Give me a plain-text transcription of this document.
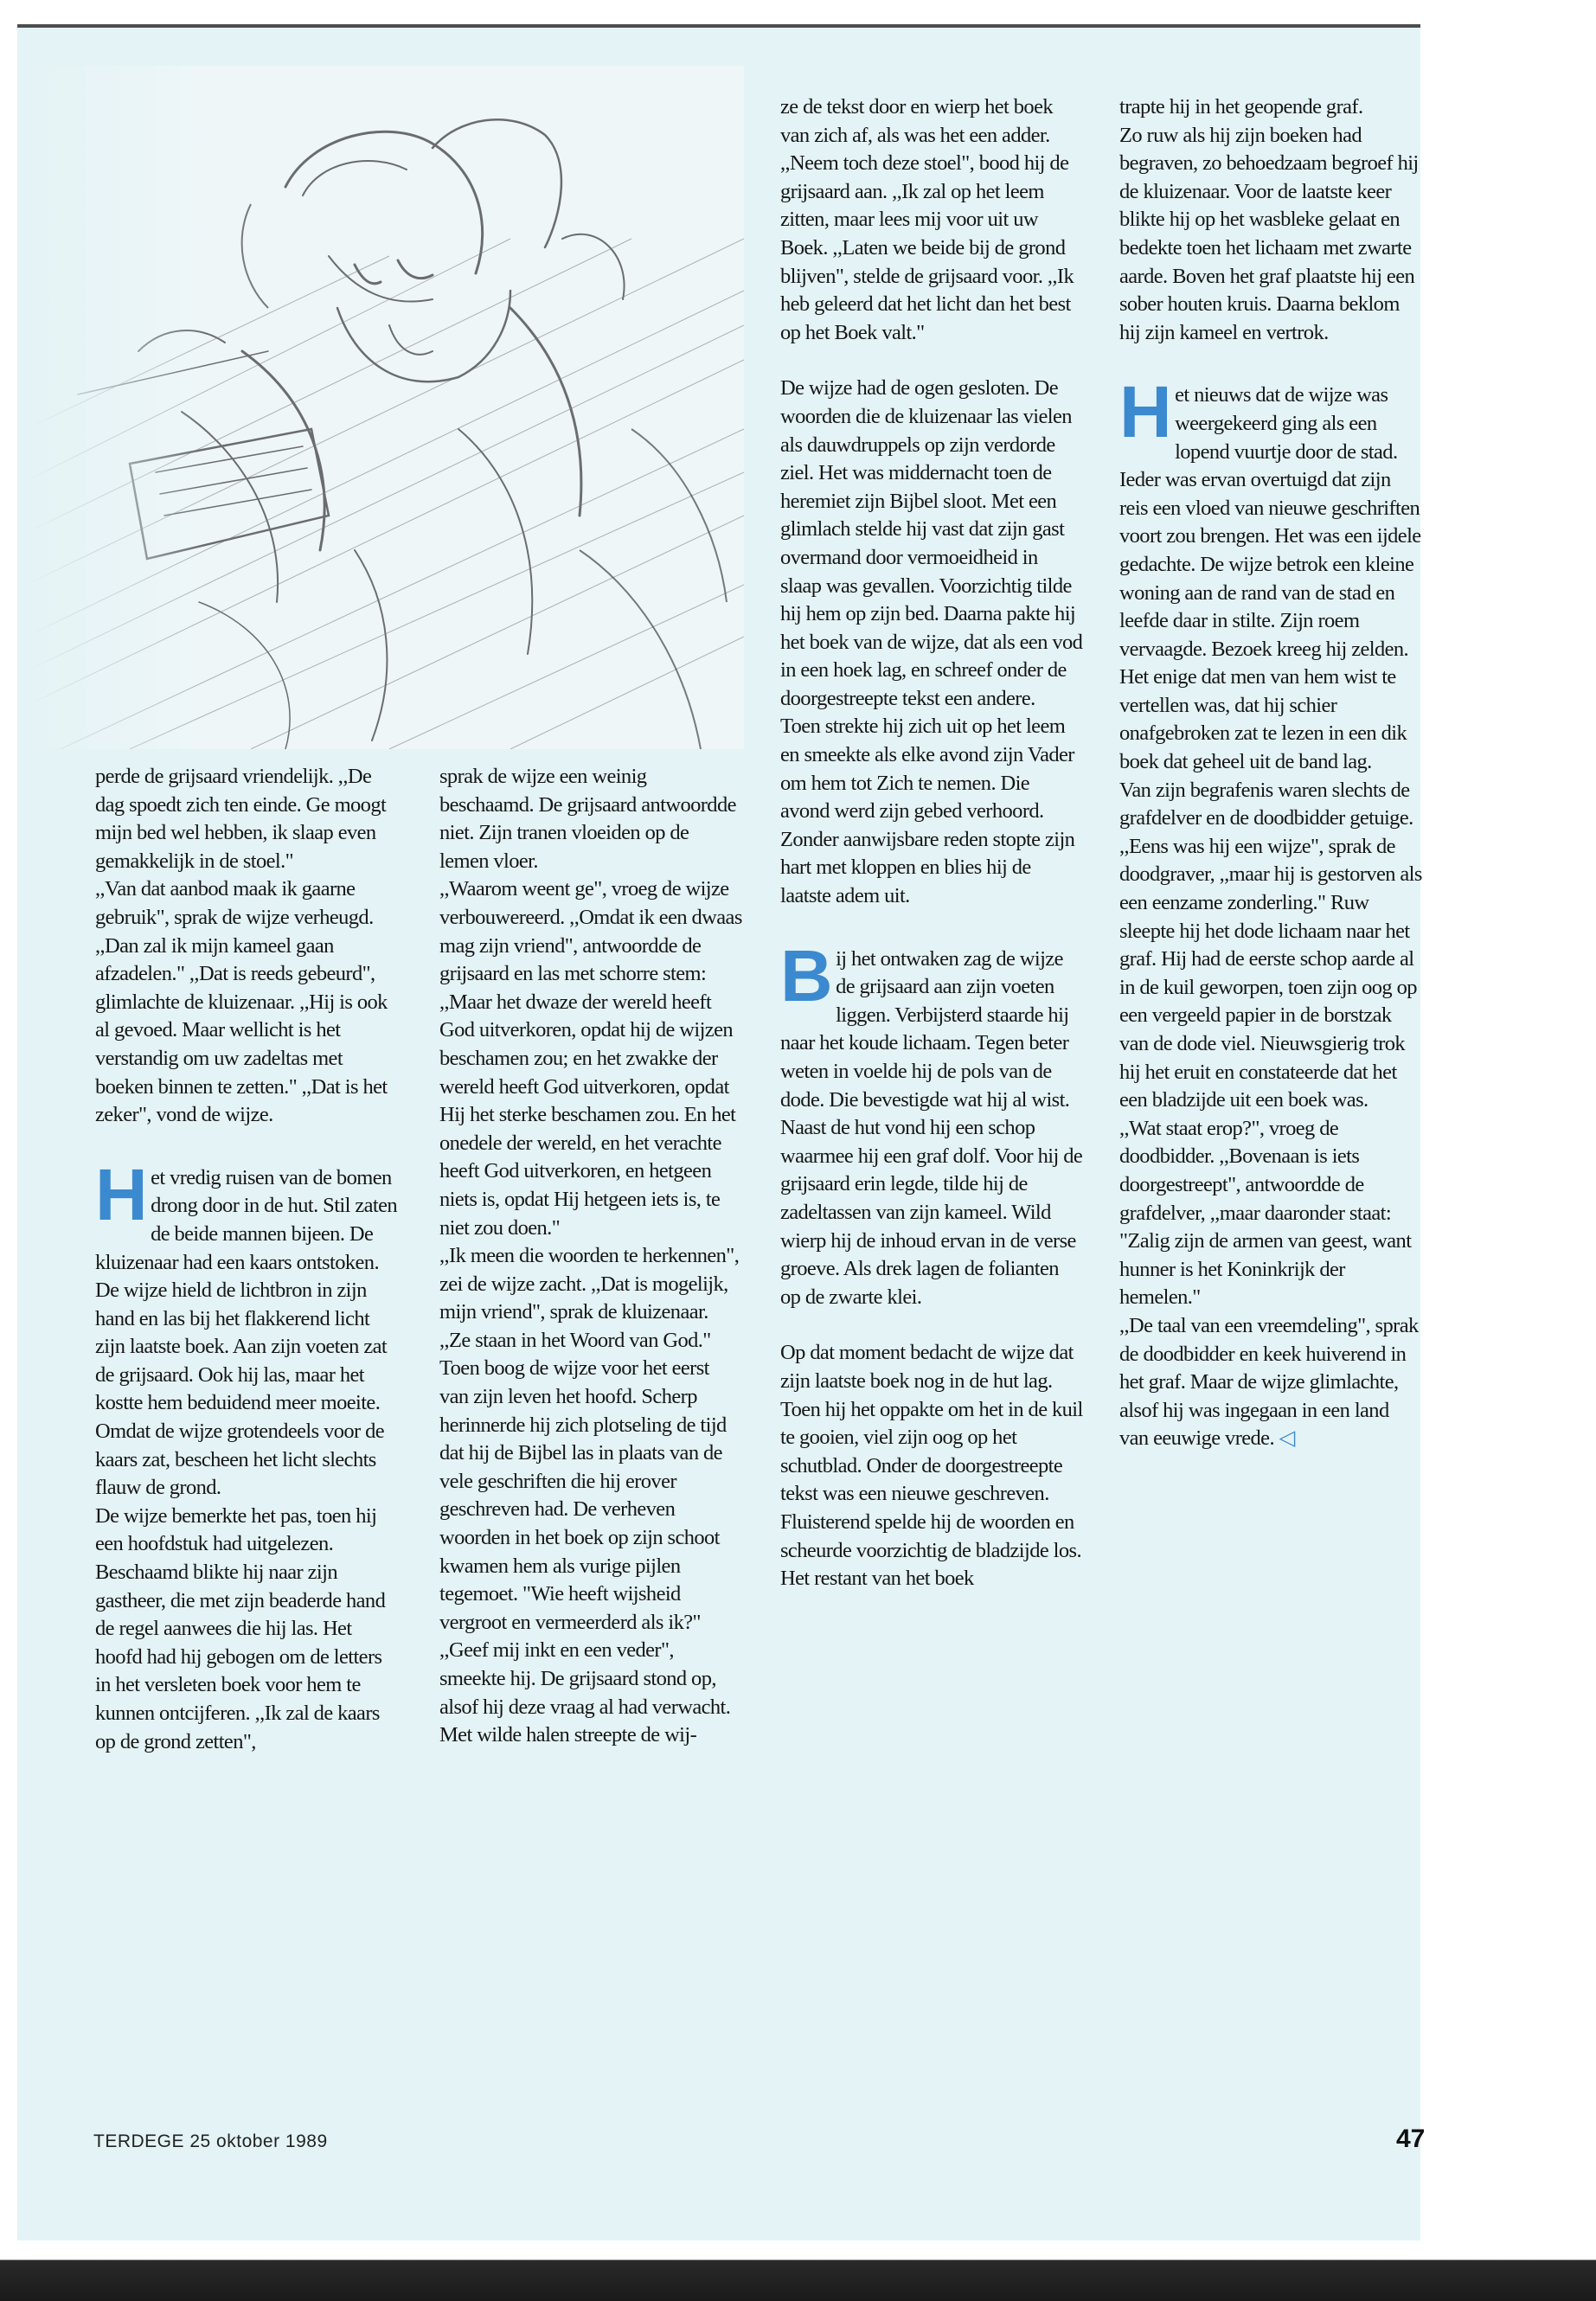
perde de grijsaard vriendelijk. ,,De dag spoedt zich ten einde. Ge moogt mijn bed wel hebben, ik slaap even gemakkelijk in de stoel."

,,Van dat aanbod maak ik gaarne gebruik", sprak de wijze verheugd. ,,Dan zal ik mijn kameel gaan afzadelen." ,,Dat is reeds gebeurd", glimlachte de kluizenaar. ,,Hij is ook al gevoed. Maar wellicht is het verstandig om uw zadeltas met boeken binnen te zetten." ,,Dat is het zeker", vond de wijze.

Het vredig ruisen van de bomen drong door in de hut. Stil zaten de beide mannen bijeen. De kluizenaar had een kaars ontstoken. De wijze hield de lichtbron in zijn hand en las bij het flakkerend licht zijn laatste boek. Aan zijn voeten zat de grijsaard. Ook hij las, maar het kostte hem beduidend meer moeite.

Omdat de wijze grotendeels voor de kaars zat, bescheen het licht slechts flauw de grond.

De wijze bemerkte het pas, toen hij een hoofdstuk had uitgelezen. Beschaamd blikte hij naar zijn gastheer, die met zijn beaderde hand de regel aanwees die hij las. Het hoofd had hij gebogen om de letters in het versleten boek voor hem te kunnen ontcijferen. ,,Ik zal de kaars op de grond zetten",

sprak de wijze een weinig beschaamd. De grijsaard antwoordde niet. Zijn tranen vloeiden op de lemen vloer.

,,Waarom weent ge", vroeg de wijze verbouwereerd. ,,Omdat ik een dwaas mag zijn vriend", antwoordde de grijsaard en las met schorre stem: ,,Maar het dwaze der wereld heeft God uitverkoren, opdat hij de wijzen beschamen zou; en het zwakke der wereld heeft God uitverkoren, opdat Hij het sterke beschamen zou. En het onedele der wereld, en het verachte heeft God uitverkoren, en hetgeen niets is, opdat Hij hetgeen iets is, te niet zou doen."

,,Ik meen die woorden te herkennen", zei de wijze zacht. ,,Dat is mogelijk, mijn vriend", sprak de kluizenaar. ,,Ze staan in het Woord van God." Toen boog de wijze voor het eerst van zijn leven het hoofd. Scherp herinnerde hij zich plotseling de tijd dat hij de Bijbel las in plaats van de vele geschriften die hij erover geschreven had. De verheven woorden in het boek op zijn schoot kwamen hem als vurige pijlen tegemoet. "Wie heeft wijsheid vergroot en vermeerderd als ik?" ,,Geef mij inkt en een veder", smeekte hij. De grijsaard stond op, alsof hij deze vraag al had verwacht. Met wilde halen streepte de wij-

ze de tekst door en wierp het boek van zich af, als was het een adder.

,,Neem toch deze stoel", bood hij de grijsaard aan. ,,Ik zal op het leem zitten, maar lees mij voor uit uw Boek. ,,Laten we beide bij de grond blijven", stelde de grijsaard voor. ,,Ik heb geleerd dat het licht dan het best op het Boek valt."

De wijze had de ogen gesloten. De woorden die de kluizenaar las vielen als dauwdruppels op zijn verdorde ziel. Het was middernacht toen de heremiet zijn Bijbel sloot. Met een glimlach stelde hij vast dat zijn gast overmand door vermoeidheid in slaap was gevallen. Voorzichtig tilde hij hem op zijn bed. Daarna pakte hij het boek van de wijze, dat als een vod in een hoek lag, en schreef onder de doorgestreepte tekst een andere.

Toen strekte hij zich uit op het leem en smeekte als elke avond zijn Vader om hem tot Zich te nemen. Die avond werd zijn gebed verhoord. Zonder aanwijsbare reden stopte zijn hart met kloppen en blies hij de laatste adem uit.

Bij het ontwaken zag de wijze de grijsaard aan zijn voeten liggen. Verbijsterd staarde hij naar het koude lichaam. Tegen beter weten in voelde hij de pols van de dode. Die bevestigde wat hij al wist.

Naast de hut vond hij een schop waarmee hij een graf dolf. Voor hij de grijsaard erin legde, tilde hij de zadeltassen van zijn kameel. Wild wierp hij de inhoud ervan in de verse groeve. Als drek lagen de folianten op de zwarte klei.

Op dat moment bedacht de wijze dat zijn laatste boek nog in de hut lag. Toen hij het oppakte om het in de kuil te gooien, viel zijn oog op het schutblad. Onder de doorgestreepte tekst was een nieuwe geschreven. Fluisterend spelde hij de woorden en scheurde voorzichtig de bladzijde los. Het restant van het boek

trapte hij in het geopende graf.

Zo ruw als hij zijn boeken had begraven, zo behoedzaam begroef hij de kluizenaar. Voor de laatste keer blikte hij op het wasbleke gelaat en bedekte toen het lichaam met zwarte aarde. Boven het graf plaatste hij een sober houten kruis. Daarna beklom hij zijn kameel en vertrok.

Het nieuws dat de wijze was weergekeerd ging als een lopend vuurtje door de stad. Ieder was ervan overtuigd dat zijn reis een vloed van nieuwe geschriften voort zou brengen. Het was een ijdele gedachte. De wijze betrok een kleine woning aan de rand van de stad en leefde daar in stilte. Zijn roem vervaagde. Bezoek kreeg hij zelden. Het enige dat men van hem wist te vertellen was, dat hij schier onafgebroken zat te lezen in een dik boek dat geheel uit de band lag.

Van zijn begrafenis waren slechts de grafdelver en de doodbidder getuige. ,,Eens was hij een wijze", sprak de doodgraver, ,,maar hij is gestorven als een eenzame zonderling." Ruw sleepte hij het dode lichaam naar het graf. Hij had de eerste schop aarde al in de kuil geworpen, toen zijn oog op een vergeeld papier in de borstzak van de dode viel. Nieuwsgierig trok hij het eruit en constateerde dat het een bladzijde uit een boek was.

,,Wat staat erop?", vroeg de doodbidder. ,,Bovenaan is iets doorgestreept", antwoordde de grafdelver, ,,maar daaronder staat: "Zalig zijn de armen van geest, want hunner is het Koninkrijk der hemelen."

,,De taal van een vreemdeling", sprak de doodbidder en keek huiverend in het graf. Maar de wijze glimlachte, alsof hij was ingegaan in een land van eeuwige vrede. ◁

TERDEGE 25 oktober 1989	47
